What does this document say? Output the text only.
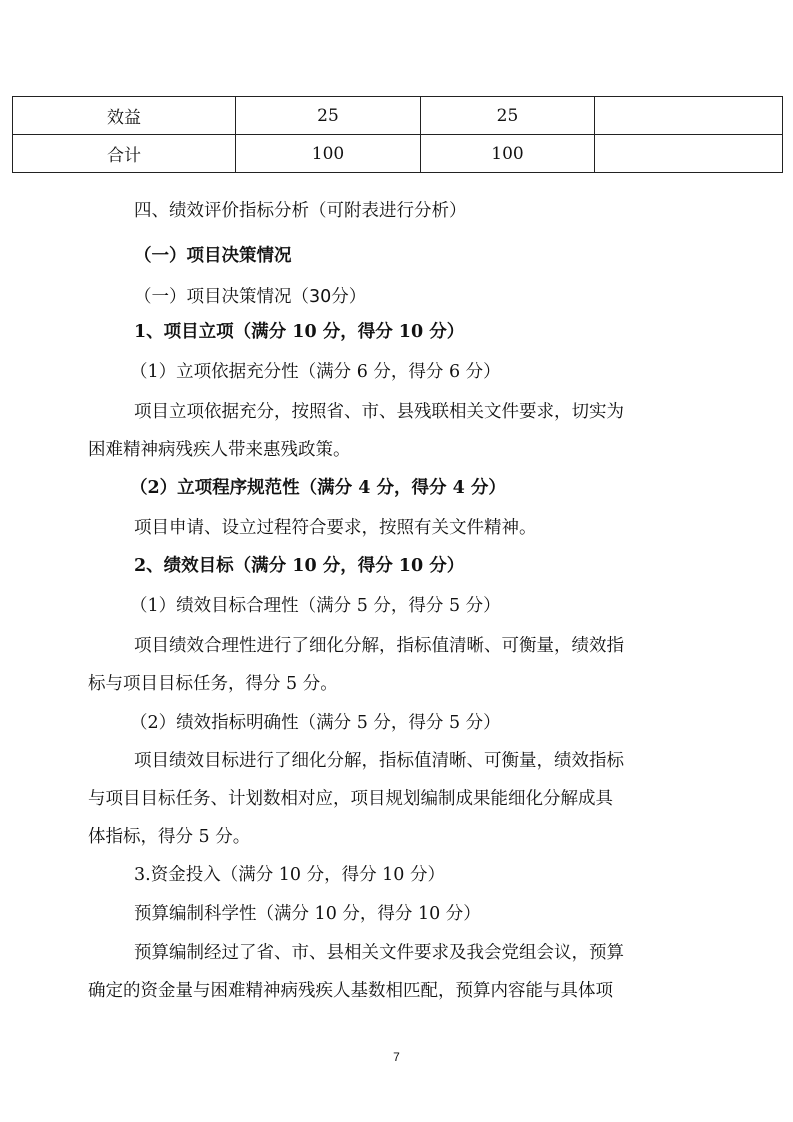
效益	25	25	
合计	100	100	
四、绩效评价指标分析（可附表进行分析）
（一）项目决策情况
（一）项目决策情况（30分）
1、项目立项（满分 10 分，得分 10 分）
（1）立项依据充分性（满分 6 分，得分 6 分）
项目立项依据充分，按照省、市、县残联相关文件要求，切实为
困难精神病残疾人带来惠残政策。
（2）立项程序规范性（满分 4 分，得分 4 分）
项目申请、设立过程符合要求，按照有关文件精神。
2、绩效目标（满分 10 分，得分 10 分）
（1）绩效目标合理性（满分 5 分，得分 5 分）
项目绩效合理性进行了细化分解，指标值清晰、可衡量，绩效指
标与项目目标任务，得分 5 分。
（2）绩效指标明确性（满分 5 分，得分 5 分）
项目绩效目标进行了细化分解，指标值清晰、可衡量，绩效指标
与项目目标任务、计划数相对应，项目规划编制成果能细化分解成具
体指标，得分 5 分。
3.资金投入（满分 10 分，得分 10 分）
预算编制科学性（满分 10 分，得分 10 分）
预算编制经过了省、市、县相关文件要求及我会党组会议，预算
确定的资金量与困难精神病残疾人基数相匹配，预算内容能与具体项
7
